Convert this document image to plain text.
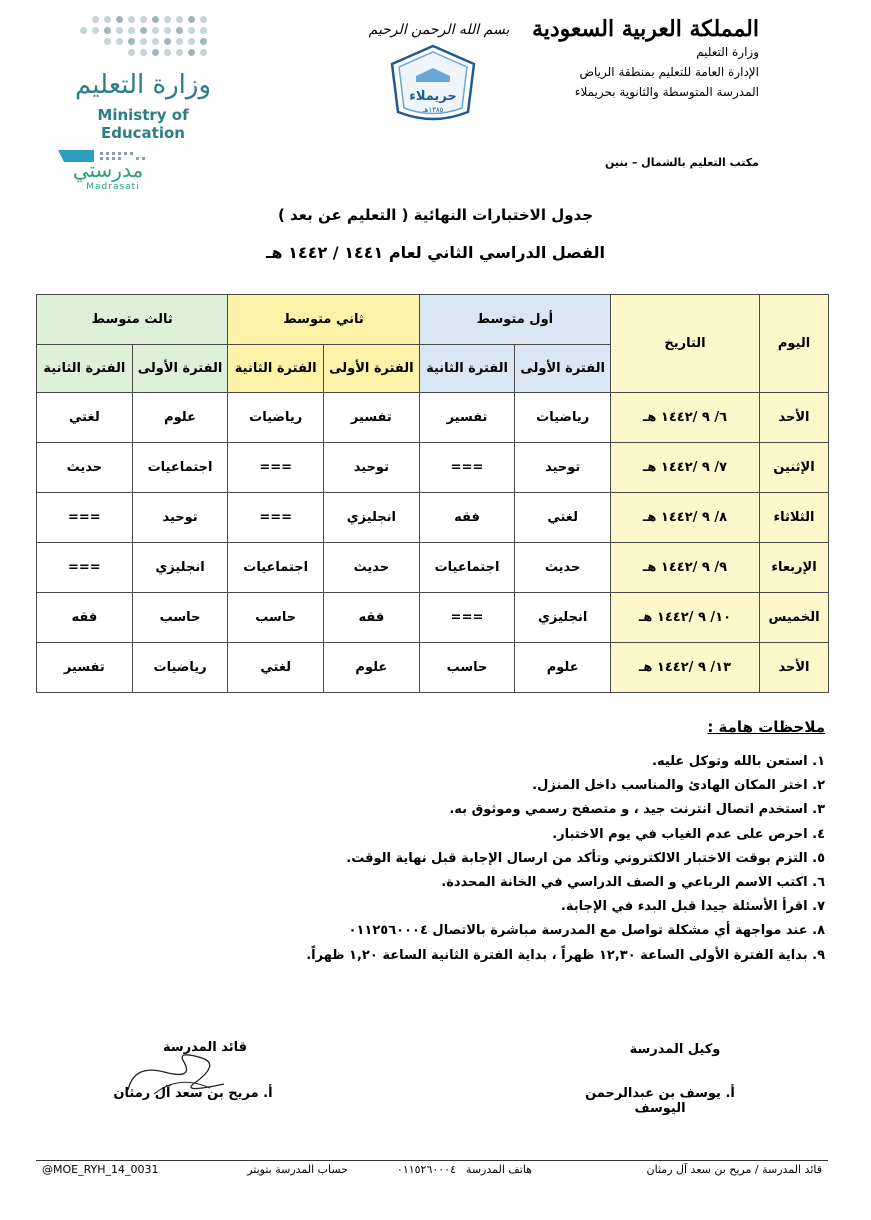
المملكة العربية السعودية
وزارة التعليم
الإدارة العامة للتعليم بمنطقة الرياض
المدرسة المتوسطة والثانوية بحريملاء
مكتب التعليم بالشمال – بنين
بسم الله الرحمن الرحيم
حريملاء
١٣٨٥هـ
وزارة التعليم
Ministry of Education
مدرستي
Madrasati
جدول الاختبارات النهائية ( التعليم عن بعد )
الفصل الدراسي الثاني لعام ١٤٤١ / ١٤٤٢ هـ
اليوم	التاريخ	أول متوسط		ثاني متوسط		ثالث متوسط	
		الفترة الأولى	الفترة الثانية	الفترة الأولى	الفترة الثانية	الفترة الأولى	الفترة الثانية
الأحد	٦/ ٩ /١٤٤٢ هـ	رياضيات	تفسير	تفسير	رياضيات	علوم	لغتي
الإثنين	٧/ ٩ /١٤٤٢ هـ	توحيد	===	توحيد	===	اجتماعيات	حديث
الثلاثاء	٨/ ٩ /١٤٤٢ هـ	لغتي	فقه	انجليزي	===	توحيد	===
الإربعاء	٩/ ٩ /١٤٤٢ هـ	حديث	اجتماعيات	حديث	اجتماعيات	انجليزي	===
الخميس	١٠/ ٩ /١٤٤٢ هـ	انجليزي	===	فقه	حاسب	حاسب	فقه
الأحد	١٣/ ٩ /١٤٤٢ هـ	علوم	حاسب	علوم	لغتي	رياضيات	تفسير
ملاحظات هامة :
١. استعن بالله وتوكل عليه.
٢. اختر المكان الهادئ والمناسب داخل المنزل.
٣. استخدم اتصال انترنت جيد ، و متصفح رسمي وموثوق به.
٤. احرص على عدم الغياب في يوم الاختبار.
٥. التزم بوقت الاختبار الالكتروني وتأكد من ارسال الإجابة قبل نهاية الوقت.
٦. اكتب الاسم الرباعي و الصف الدراسي في الخانة المحددة.
٧. اقرأ الأسئلة جيدا قبل البدء في الإجابة.
٨. عند مواجهة أي مشكلة تواصل مع المدرسة مباشرة بالاتصال ٠١١٢٥٦٠٠٠٤
٩. بداية الفترة الأولى الساعة ١٢,٣٠ ظهراً ، بداية الفترة الثانية الساعة ١,٢٠ ظهراً.
وكيل المدرسة
أ. يوسف بن عبدالرحمن اليوسف
قائد المدرسة
أ. مريح بن سعد آل رمثان
قائد المدرسة / مريح بن سعد آل رمثان
هاتف المدرسة
٠١١٥٢٦٠٠٠٤
حساب المدرسة بتويتر
@MOE_RYH_14_0031
